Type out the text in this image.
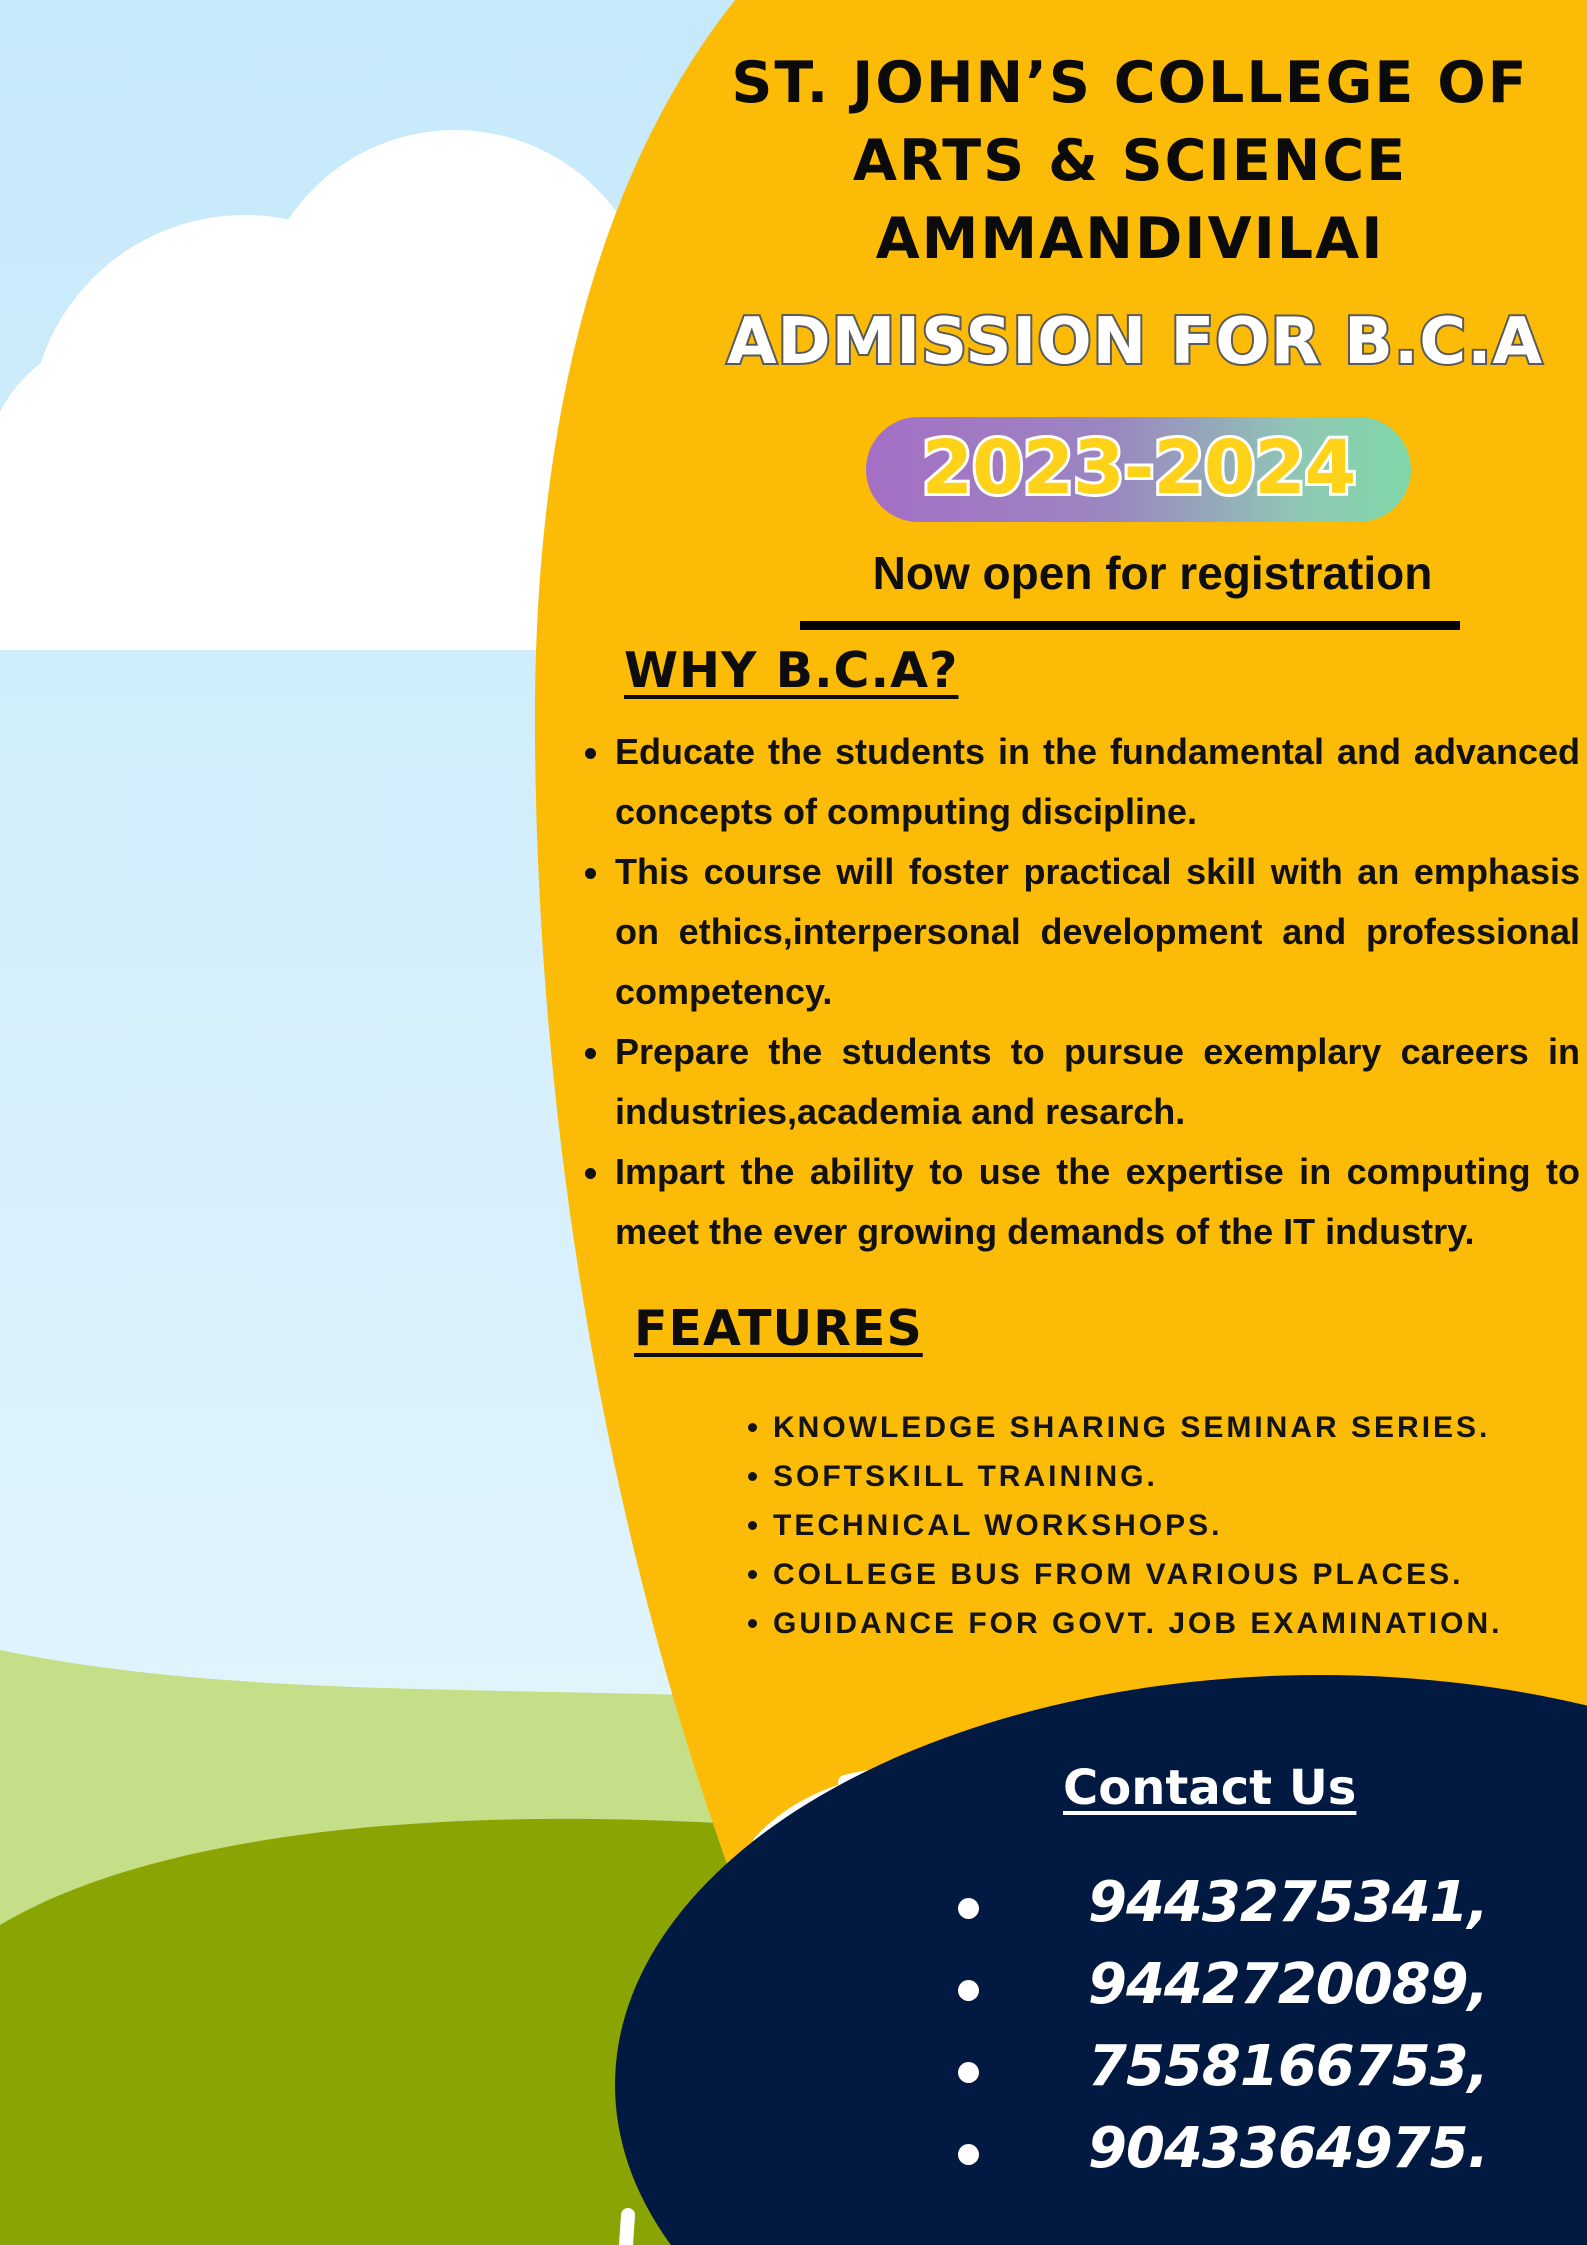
ST. JOHN’S COLLEGE OF
ARTS & SCIENCE
AMMANDIVILAI
ADMISSION FOR B.C.A
2023-2024
Now open for registration
WHY B.C.A?
Educate the students in the fundamental and advanced concepts of computing discipline.
This course will foster practical skill with an emphasis on ethics,interpersonal development and professional competency.
Prepare the students to pursue exemplary careers in industries,academia and resarch.
Impart the ability to use the expertise in computing to meet the ever growing demands of the IT industry.
FEATURES
KNOWLEDGE SHARING SEMINAR SERIES.
SOFTSKILL TRAINING.
TECHNICAL WORKSHOPS.
COLLEGE BUS FROM VARIOUS PLACES.
GUIDANCE FOR GOVT. JOB EXAMINATION.
Contact Us
9443275341,
9442720089,
7558166753,
9043364975.
